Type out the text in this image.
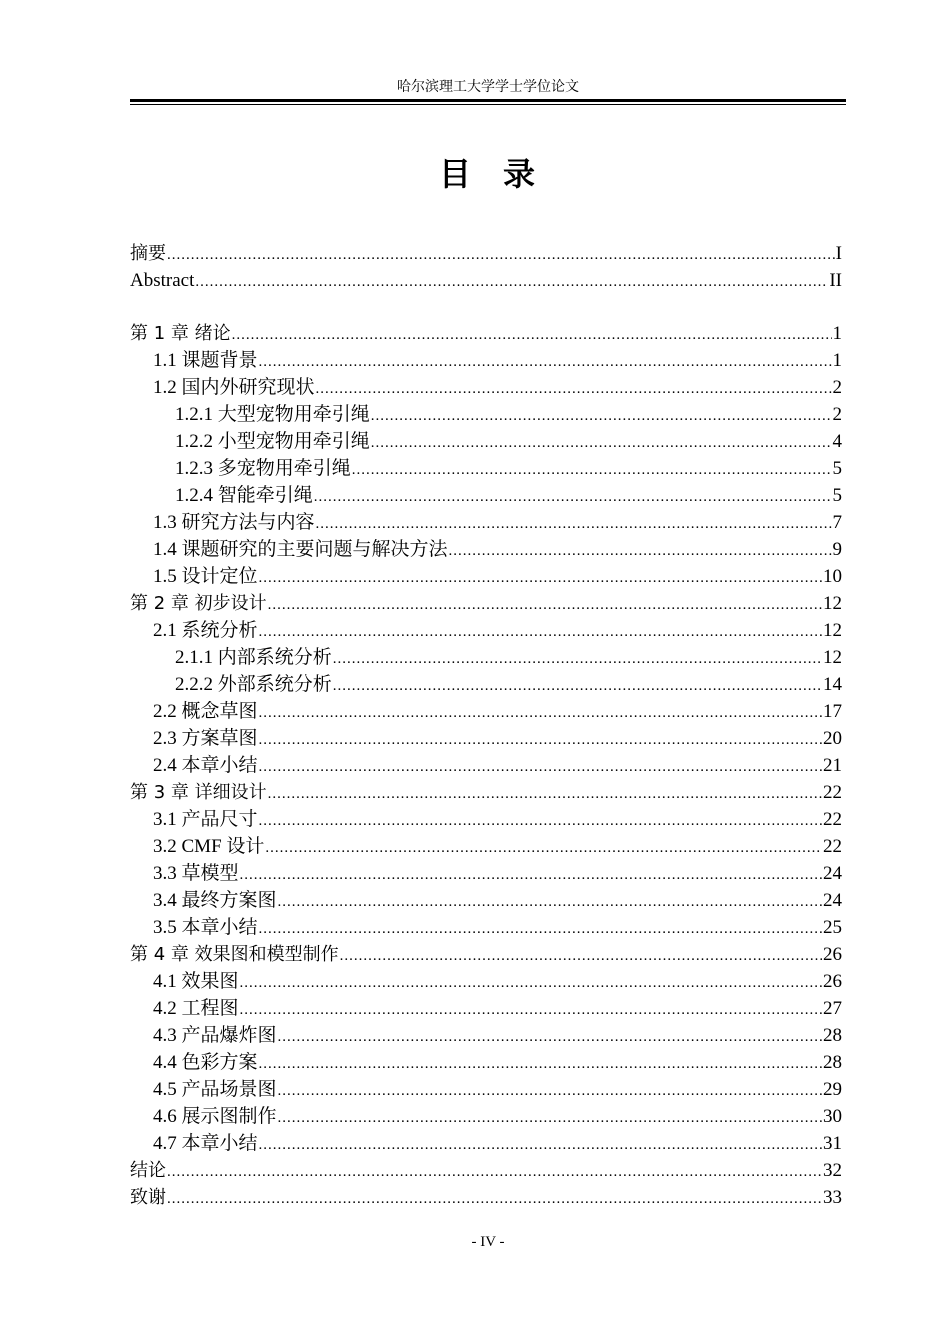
哈尔滨理工大学学士学位论文
目 录
摘要 .....	I
Abstract .....	II
第 1 章 绪论 .....	1
1.1 课题背景 .....	1
1.2 国内外研究现状 .....	2
1.2.1 大型宠物用牵引绳 .....	2
1.2.2 小型宠物用牵引绳 .....	4
1.2.3 多宠物用牵引绳 .....	5
1.2.4 智能牵引绳 .....	5
1.3 研究方法与内容 .....	7
1.4 课题研究的主要问题与解决方法 .....	9
1.5 设计定位 .....	10
第 2 章 初步设计 .....	12
2.1 系统分析 .....	12
2.1.1 内部系统分析 .....	12
2.2.2 外部系统分析 .....	14
2.2 概念草图 .....	17
2.3 方案草图 .....	20
2.4 本章小结 .....	21
第 3 章 详细设计 .....	22
3.1 产品尺寸 .....	22
3.2 CMF 设计 .....	22
3.3 草模型 .....	24
3.4 最终方案图 .....	24
3.5 本章小结 .....	25
第 4 章 效果图和模型制作 .....	26
4.1 效果图 .....	26
4.2 工程图 .....	27
4.3 产品爆炸图 .....	28
4.4 色彩方案 .....	28
4.5 产品场景图 .....	29
4.6 展示图制作 .....	30
4.7 本章小结 .....	31
结论 .....	32
致谢 .....	33
- IV -
